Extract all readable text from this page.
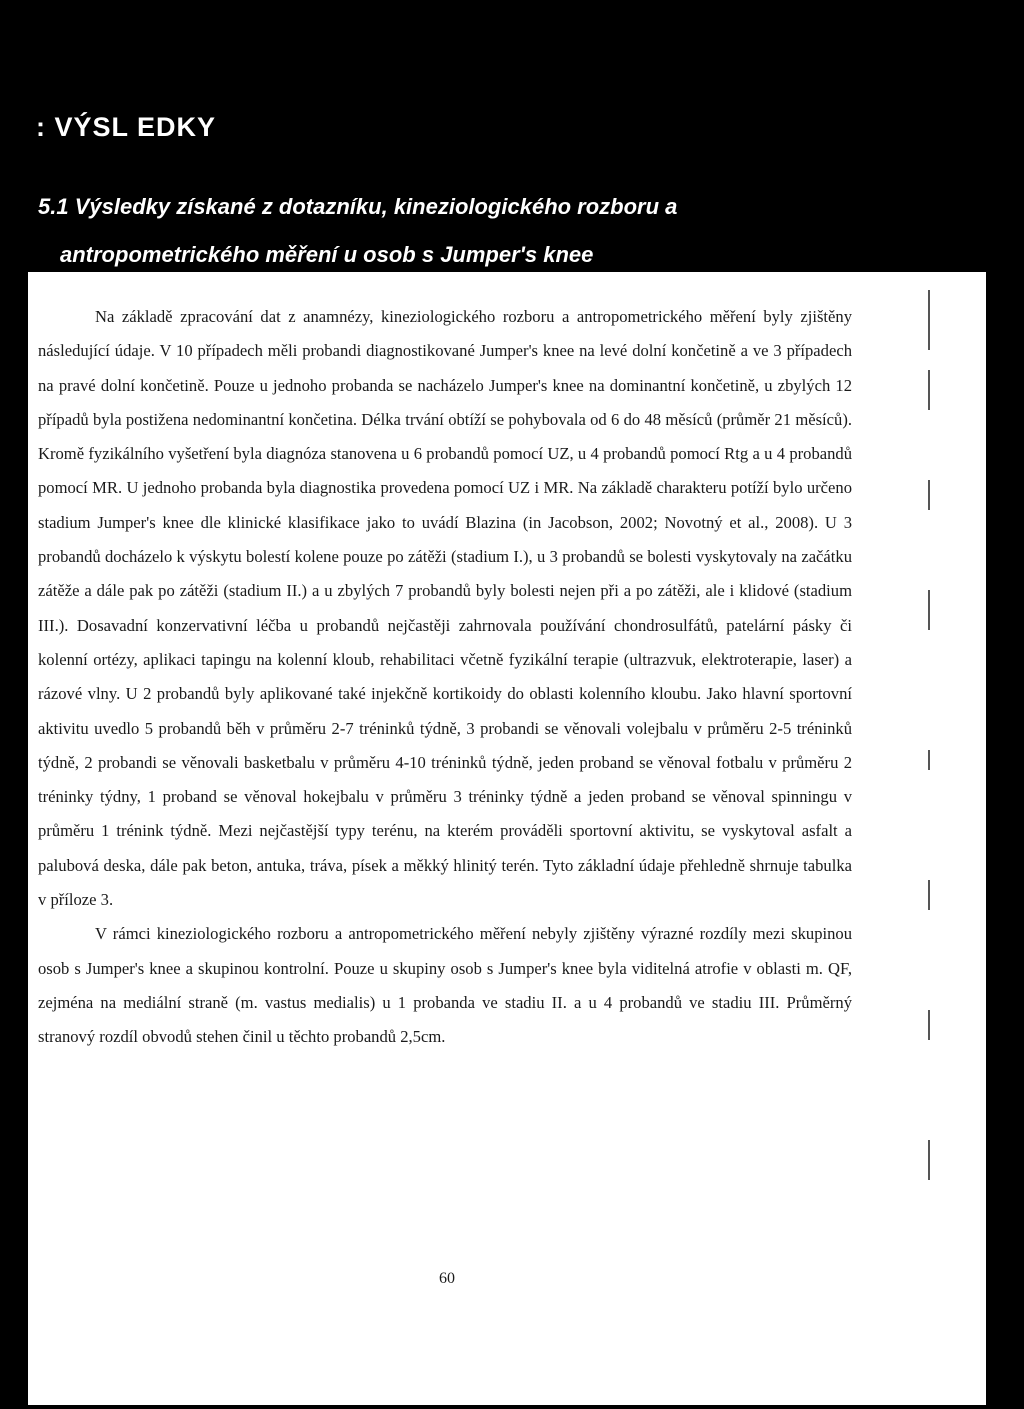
: VÝSL EDKY
5.1 Výsledky získané z dotazníku, kineziologického rozboru a
antropometrického měření u osob s Jumper's knee

Na základě zpracování dat z anamnézy, kineziologického rozboru a antropometrického měření byly zjištěny následující údaje. V 10 případech měli probandi diagnostikované Jumper's knee na levé dolní končetině a ve 3 případech na pravé dolní končetině. Pouze u jednoho probanda se nacházelo Jumper's knee na dominantní končetině, u zbylých 12 případů byla postižena nedominantní končetina. Délka trvání obtíží se pohybovala od 6 do 48 měsíců (průměr 21 měsíců). Kromě fyzikálního vyšetření byla diagnóza stanovena u 6 probandů pomocí UZ, u 4 probandů pomocí Rtg a u 4 probandů pomocí MR. U jednoho probanda byla diagnostika provedena pomocí UZ i MR. Na základě charakteru potíží bylo určeno stadium Jumper's knee dle klinické klasifikace jako to uvádí Blazina (in Jacobson, 2002; Novotný et al., 2008). U 3 probandů docházelo k výskytu bolestí kolene pouze po zátěži (stadium I.), u 3 probandů se bolesti vyskytovaly na začátku zátěže a dále pak po zátěži (stadium II.) a u zbylých 7 probandů byly bolesti nejen při a po zátěži, ale i klidové (stadium III.). Dosavadní konzervativní léčba u probandů nejčastěji zahrnovala používání chondrosulfátů, patelární pásky či kolenní ortézy, aplikaci tapingu na kolenní kloub, rehabilitaci včetně fyzikální terapie (ultrazvuk, elektroterapie, laser) a rázové vlny. U 2 probandů byly aplikované také injekčně kortikoidy do oblasti kolenního kloubu. Jako hlavní sportovní aktivitu uvedlo 5 probandů běh v průměru 2-7 tréninků týdně, 3 probandi se věnovali volejbalu v průměru 2-5 tréninků týdně, 2 probandi se věnovali basketbalu v průměru 4-10 tréninků týdně, jeden proband se věnoval fotbalu v průměru 2 tréninky týdny, 1 proband se věnoval hokejbalu v průměru 3 tréninky týdně a jeden proband se věnoval spinningu v průměru 1 trénink týdně. Mezi nejčastější typy terénu, na kterém prováděli sportovní aktivitu, se vyskytoval asfalt a palubová deska, dále pak beton, antuka, tráva, písek a měkký hlinitý terén. Tyto základní údaje přehledně shrnuje tabulka v příloze 3.

V rámci kineziologického rozboru a antropometrického měření nebyly zjištěny výrazné rozdíly mezi skupinou osob s Jumper's knee a skupinou kontrolní. Pouze u skupiny osob s Jumper's knee byla viditelná atrofie v oblasti m. QF, zejména na mediální straně (m. vastus medialis) u 1 probanda ve stadiu II. a u 4 probandů ve stadiu III. Průměrný stranový rozdíl obvodů stehen činil u těchto probandů 2,5cm.

60
